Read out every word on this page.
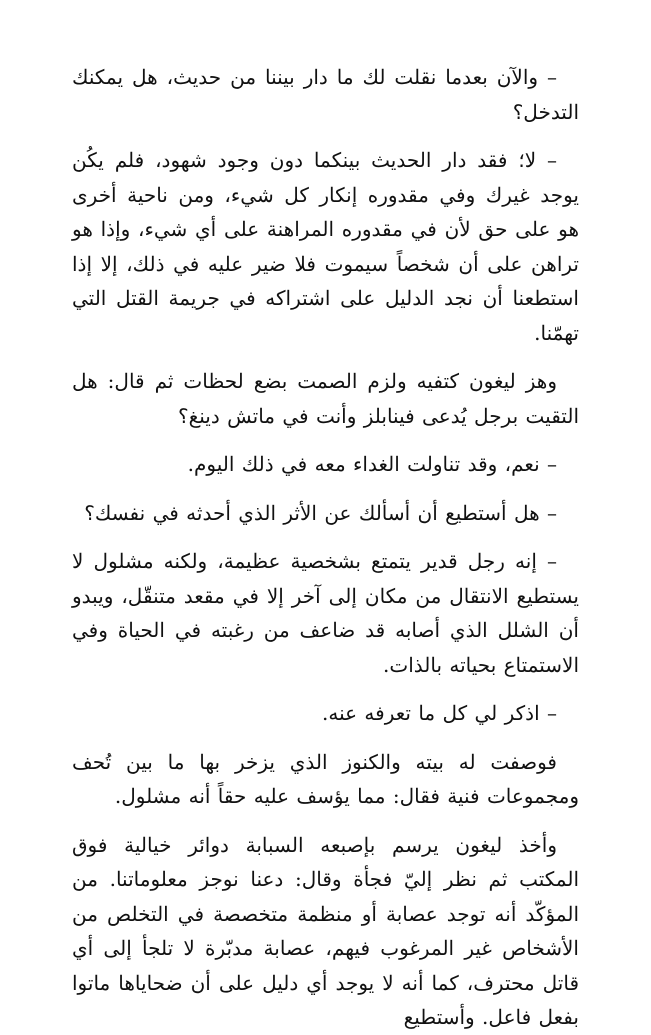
– والآن بعدما نقلت لك ما دار بيننا من حديث، هل يمكنك التدخل؟

– لا؛ فقد دار الحديث بينكما دون وجود شهود، فلم يكُن يوجد غيرك وفي مقدوره إنكار كل شيء، ومن ناحية أخرى هو على حق لأن في مقدوره المراهنة على أي شيء، وإذا هو تراهن على أن شخصاً سيموت فلا ضير عليه في ذلك، إلا إذا استطعنا أن نجد الدليل على اشتراكه في جريمة القتل التي تهمّنا.

وهز ليغون كتفيه ولزم الصمت بضع لحظات ثم قال: هل التقيت برجل يُدعى فينابلز وأنت في ماتش دينغ؟

– نعم، وقد تناولت الغداء معه في ذلك اليوم.

– هل أستطيع أن أسألك عن الأثر الذي أحدثه في نفسك؟

– إنه رجل قدير يتمتع بشخصية عظيمة، ولكنه مشلول لا يستطيع الانتقال من مكان إلى آخر إلا في مقعد متنقّل، ويبدو أن الشلل الذي أصابه قد ضاعف من رغبته في الحياة وفي الاستمتاع بحياته بالذات.

– اذكر لي كل ما تعرفه عنه.

فوصفت له بيته والكنوز الذي يزخر بها ما بين تُحف ومجموعات فنية فقال: مما يؤسف عليه حقاً أنه مشلول.

وأخذ ليغون يرسم بإصبعه السبابة دوائر خيالية فوق المكتب ثم نظر إليّ فجأة وقال: دعنا نوجز معلوماتنا. من المؤكّد أنه توجد عصابة أو منظمة متخصصة في التخلص من الأشخاص غير المرغوب فيهم، عصابة مدبّرة لا تلجأ إلى أي قاتل محترف، كما أنه لا يوجد أي دليل على أن ضحاياها ماتوا بفعل فاعل. وأستطيع
